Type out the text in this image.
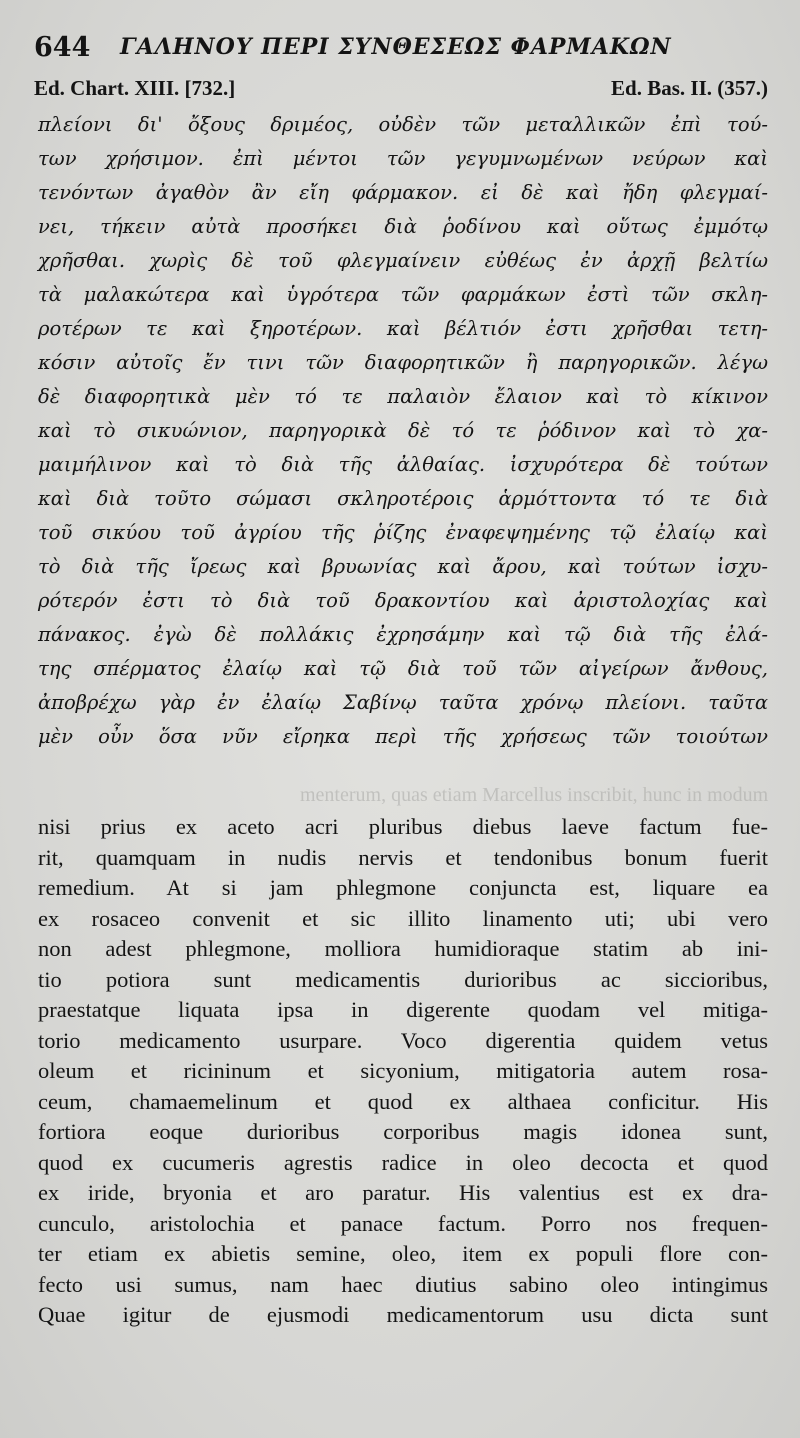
644 ΓΑΛΗΝΟΥ ΠΕΡΙ ΣΥΝΘΕΣΕΩΣ ΦΑΡΜΑΚΩΝ
Ed. Chart. XIII. [732.]	Ed. Bas. II. (357.)
πλείονι δι' ὄξους δριμέος, οὐδὲν τῶν μεταλλικῶν ἐπὶ τού-
των χρήσιμον. ἐπὶ μέντοι τῶν γεγυμνωμένων νεύρων καὶ
τενόντων ἀγαθὸν ἂν εἴη φάρμακον. εἰ δὲ καὶ ἤδη φλεγμαί-
νει, τήκειν αὐτὰ προσήκει διὰ ῥοδίνου καὶ οὕτως ἐμμότῳ
χρῆσθαι. χωρὶς δὲ τοῦ φλεγμαίνειν εὐθέως ἐν ἀρχῇ βελτίω
τὰ μαλακώτερα καὶ ὑγρότερα τῶν φαρμάκων ἐστὶ τῶν σκλη-
ροτέρων τε καὶ ξηροτέρων. καὶ βέλτιόν ἐστι χρῆσθαι τετη-
κόσιν αὐτοῖς ἔν τινι τῶν διαφορητικῶν ἢ παρηγορικῶν. λέγω
δὲ διαφορητικὰ μὲν τό τε παλαιὸν ἔλαιον καὶ τὸ κίκινον
καὶ τὸ σικυώνιον, παρηγορικὰ δὲ τό τε ῥόδινον καὶ τὸ χα-
μαιμήλινον καὶ τὸ διὰ τῆς ἀλθαίας. ἰσχυρότερα δὲ τούτων
καὶ διὰ τοῦτο σώμασι σκληροτέροις ἁρμόττοντα τό τε διὰ
τοῦ σικύου τοῦ ἀγρίου τῆς ῥίζης ἐναφεψημένης τῷ ἐλαίῳ καὶ
τὸ διὰ τῆς ἴρεως καὶ βρυωνίας καὶ ἄρου, καὶ τούτων ἰσχυ-
ρότερόν ἐστι τὸ διὰ τοῦ δρακοντίου καὶ ἀριστολοχίας καὶ
πάνακος. ἐγὼ δὲ πολλάκις ἐχρησάμην καὶ τῷ διὰ τῆς ἐλά-
της σπέρματος ἐλαίῳ καὶ τῷ διὰ τοῦ τῶν αἰγείρων ἄνθους,
ἀποβρέχω γὰρ ἐν ἐλαίῳ Σαβίνῳ ταῦτα χρόνῳ πλείονι. ταῦτα
μὲν οὖν ὅσα νῦν εἴρηκα περὶ τῆς χρήσεως τῶν τοιούτων
menterum, quas etiam Marcellus inscribit, hunc in modum
nisi prius ex aceto acri pluribus diebus laeve factum fue-
rit, quamquam in nudis nervis et tendonibus bonum fuerit
remedium. At si jam phlegmone conjuncta est, liquare ea
ex rosaceo convenit et sic illito linamento uti; ubi vero
non adest phlegmone, molliora humidioraque statim ab ini-
tio potiora sunt medicamentis durioribus ac siccioribus,
praestatque liquata ipsa in digerente quodam vel mitiga-
torio medicamento usurpare. Voco digerentia quidem vetus
oleum et ricininum et sicyonium, mitigatoria autem rosa-
ceum, chamaemelinum et quod ex althaea conficitur. His
fortiora eoque durioribus corporibus magis idonea sunt,
quod ex cucumeris agrestis radice in oleo decocta et quod
ex iride, bryonia et aro paratur. His valentius est ex dra-
cunculo, aristolochia et panace factum. Porro nos frequen-
ter etiam ex abietis semine, oleo, item ex populi flore con-
fecto usi sumus, nam haec diutius sabino oleo intingimus
Quae igitur de ejusmodi medicamentorum usu dicta sunt
